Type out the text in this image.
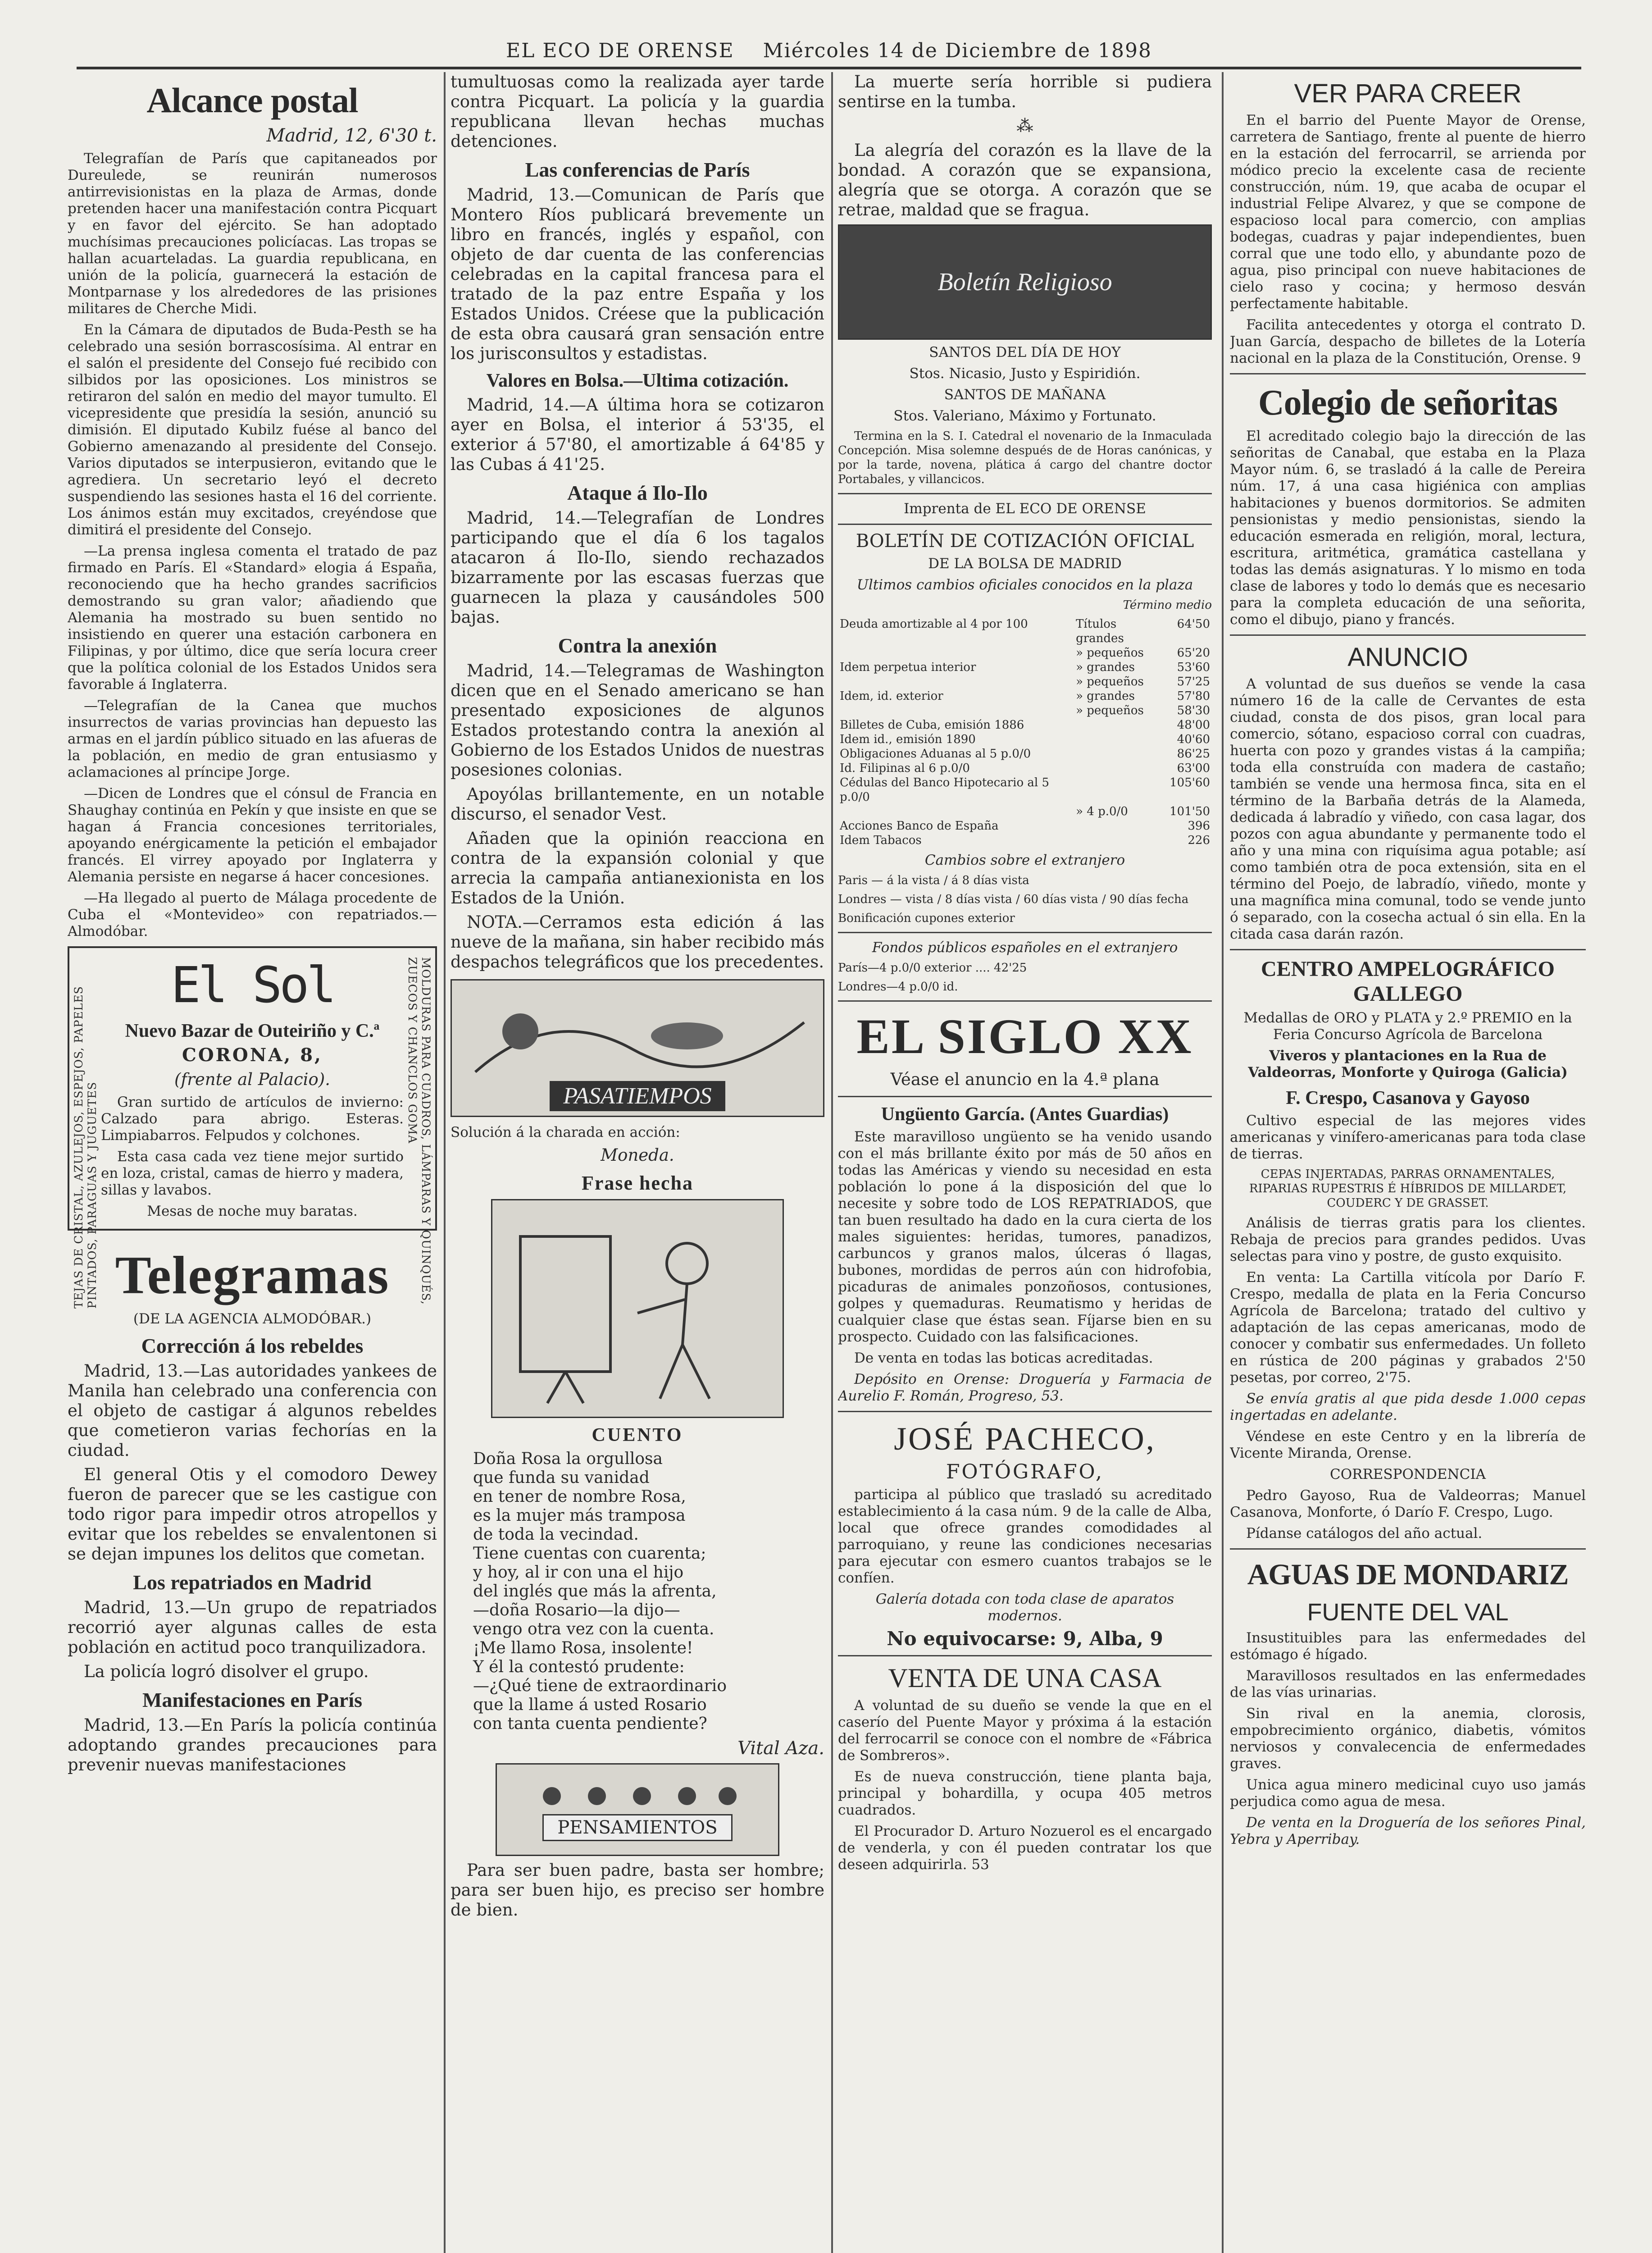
EL ECO DE ORENSE Miércoles 14 de Diciembre de 1898
Alcance postal
Madrid, 12, 6'30 t.

Telegrafían de París que capitaneados por Dureulede, se reunirán numerosos antirrevisionistas en la plaza de Armas, donde pretenden hacer una manifestación contra Picquart y en favor del ejército. Se han adoptado muchísimas precauciones policíacas. Las tropas se hallan acuarteladas. La guardia republicana, en unión de la policía, guarnecerá la estación de Montparnase y los alrededores de las prisiones militares de Cherche Midi.

En la Cámara de diputados de Buda-Pesth se ha celebrado una sesión borrascosísima. Al entrar en el salón el presidente del Consejo fué recibido con silbidos por las oposiciones. Los ministros se retiraron del salón en medio del mayor tumulto. El vicepresidente que presidía la sesión, anunció su dimisión. El diputado Kubilz fuése al banco del Gobierno amenazando al presidente del Consejo. Varios diputados se interpusieron, evitando que le agrediera. Un secretario leyó el decreto suspendiendo las sesiones hasta el 16 del corriente. Los ánimos están muy excitados, creyéndose que dimitirá el presidente del Consejo.

—La prensa inglesa comenta el tratado de paz firmado en París. El «Standard» elogia á España, reconociendo que ha hecho grandes sacrificios demostrando su gran valor; añadiendo que Alemania ha mostrado su buen sentido no insistiendo en querer una estación carbonera en Filipinas, y por último, dice que sería locura creer que la política colonial de los Estados Unidos sera favorable á Inglaterra.

—Telegrafían de la Canea que muchos insurrectos de varias provincias han depuesto las armas en el jardín público situado en las afueras de la población, en medio de gran entusiasmo y aclamaciones al príncipe Jorge.

—Dicen de Londres que el cónsul de Francia en Shaughay continúa en Pekín y que insiste en que se hagan á Francia concesiones territoriales, apoyando enérgicamente la petición el embajador francés. El virrey apoyado por Inglaterra y Alemania persiste en negarse á hacer concesiones.

—Ha llegado al puerto de Málaga procedente de Cuba el «Montevideo» con repatriados.—Almodóbar.

TEJAS DE CRISTAL, AZULEJOS, ESPEJOS, PAPELES PINTADOS, PARAGUAS Y JUGUETES	MOLDURAS PARA CUADROS, LÁMPARAS Y QUINQUÉS, ZUECOS Y CHANCLOS GOMA
El Sol
Nuevo Bazar de Outeiriño y C.ª

CORONA, 8,

(frente al Palacio).

Gran surtido de artículos de invierno: Calzado para abrigo. Esteras. Limpiabarros. Felpudos y colchones.

Esta casa cada vez tiene mejor surtido en loza, cristal, camas de hierro y madera, sillas y lavabos.

Mesas de noche muy baratas.

Telegramas

(DE LA AGENCIA ALMODÓBAR.)

Corrección á los rebeldes

Madrid, 13.—Las autoridades yankees de Manila han celebrado una conferencia con el objeto de castigar á algunos rebeldes que cometieron varias fechorías en la ciudad.

El general Otis y el comodoro Dewey fueron de parecer que se les castigue con todo rigor para impedir otros atropellos y evitar que los rebeldes se envalentonen si se dejan impunes los delitos que cometan.

Los repatriados en Madrid

Madrid, 13.—Un grupo de repatriados recorrió ayer algunas calles de esta población en actitud poco tranquilizadora.

La policía logró disolver el grupo.

Manifestaciones en París

Madrid, 13.—En París la policía continúa adoptando grandes precauciones para prevenir nuevas manifestaciones

tumultuosas como la realizada ayer tarde contra Picquart. La policía y la guardia republicana llevan hechas muchas detenciones.

Las conferencias de París

Madrid, 13.—Comunican de París que Montero Ríos publicará brevemente un libro en francés, inglés y español, con objeto de dar cuenta de las conferencias celebradas en la capital francesa para el tratado de la paz entre España y los Estados Unidos. Créese que la publicación de esta obra causará gran sensación entre los jurisconsultos y estadistas.

Valores en Bolsa.—Ultima cotización.

Madrid, 14.—A última hora se cotizaron ayer en Bolsa, el interior á 53'35, el exterior á 57'80, el amortizable á 64'85 y las Cubas á 41'25.

Ataque á Ilo-Ilo

Madrid, 14.—Telegrafían de Londres participando que el día 6 los tagalos atacaron á Ilo-Ilo, siendo rechazados bizarramente por las escasas fuerzas que guarnecen la plaza y causándoles 500 bajas.

Contra la anexión

Madrid, 14.—Telegramas de Washington dicen que en el Senado americano se han presentado exposiciones de algunos Estados protestando contra la anexión al Gobierno de los Estados Unidos de nuestras posesiones colonias.

Apoyólas brillantemente, en un notable discurso, el senador Vest.

Añaden que la opinión reacciona en contra de la expansión colonial y que arrecia la campaña antianexionista en los Estados de la Unión.

NOTA.—Cerramos esta edición á las nueve de la mañana, sin haber recibido más despachos telegráficos que los precedentes.

PASATIEMPOS

Solución á la charada en acción:

Moneda.

Frase hecha
CUENTO
Doña Rosa la orgullosa
que funda su vanidad
en tener de nombre Rosa,
es la mujer más tramposa
de toda la vecindad.
Tiene cuentas con cuarenta;
y hoy, al ir con una el hijo
del inglés que más la afrenta,
—doña Rosario—la dijo—
vengo otra vez con la cuenta.
¡Me llamo Rosa, insolente!
Y él la contestó prudente:
—¿Qué tiene de extraordinario
que la llame á usted Rosario
con tanta cuenta pendiente?
Vital Aza.
PENSAMIENTOS

Para ser buen padre, basta ser hombre; para ser buen hijo, es preciso ser hombre de bien.

La muerte sería horrible si pudiera sentirse en la tumba.

⁂

La alegría del corazón es la llave de la bondad. A corazón que se expansiona, alegría que se otorga. A corazón que se retrae, maldad que se fragua.

Boletín Religioso

SANTOS DEL DÍA DE HOY

Stos. Nicasio, Justo y Espiridión.

SANTOS DE MAÑANA

Stos. Valeriano, Máximo y Fortunato.

Termina en la S. I. Catedral el novenario de la Inmaculada Concepción. Misa solemne después de de Horas canónicas, y por la tarde, novena, plática á cargo del chantre doctor Portabales, y villancicos.

Imprenta de EL ECO DE ORENSE

BOLETÍN DE COTIZACIÓN OFICIAL

DE LA BOLSA DE MADRID

Ultimos cambios oficiales conocidos en la plaza

Término medio

Deuda amortizable al 4 por 100	Títulos grandes	64'50
	» pequeños	65'20
Idem perpetua interior	» grandes	53'60
	» pequeños	57'25
Idem, id. exterior	» grandes	57'80
	» pequeños	58'30
Billetes de Cuba, emisión 1886		48'00
Idem id., emisión 1890		40'60
Obligaciones Aduanas al 5 p.0/0		86'25
Id. Filipinas al 6 p.0/0		63'00
Cédulas del Banco Hipotecario al 5 p.0/0		105'60
	» 4 p.0/0	101'50
Acciones Banco de España		396
Idem Tabacos		226

Cambios sobre el extranjero

Paris — á la vista / á 8 días vista

Londres — vista / 8 días vista / 60 días vista / 90 días fecha

Bonificación cupones exterior

Fondos públicos españoles en el extranjero

París—4 p.0/0 exterior .... 42'25

Londres—4 p.0/0 id.

EL SIGLO XX

Véase el anuncio en la 4.ª plana

Ungüento García. (Antes Guardias)

Este maravilloso ungüento se ha venido usando con el más brillante éxito por más de 50 años en todas las Américas y viendo su necesidad en esta población lo pone á la disposición del que lo necesite y sobre todo de LOS REPATRIADOS, que tan buen resultado ha dado en la cura cierta de los males siguientes: heridas, tumores, panadizos, carbuncos y granos malos, úlceras ó llagas, bubones, mordidas de perros aún con hidrofobia, picaduras de animales ponzoñosos, contusiones, golpes y quemaduras. Reumatismo y heridas de cualquier clase que éstas sean. Fíjarse bien en su prospecto. Cuidado con las falsificaciones.

De venta en todas las boticas acreditadas.

Depósito en Orense: Droguería y Farmacia de Aurelio F. Román, Progreso, 53.

JOSÉ PACHECO,

FOTÓGRAFO,

participa al público que trasladó su acreditado establecimiento á la casa núm. 9 de la calle de Alba, local que ofrece grandes comodidades al parroquiano, y reune las condiciones necesarias para ejecutar con esmero cuantos trabajos se le confíen.

Galería dotada con toda clase de aparatos modernos.

No equivocarse: 9, Alba, 9

VENTA DE UNA CASA

A voluntad de su dueño se vende la que en el caserío del Puente Mayor y próxima á la estación del ferrocarril se conoce con el nombre de «Fábrica de Sombreros».

Es de nueva construcción, tiene planta baja, principal y bohardilla, y ocupa 405 metros cuadrados.

El Procurador D. Arturo Nozuerol es el encargado de venderla, y con él pueden contratar los que deseen adquirirla. 53

VER PARA CREER

En el barrio del Puente Mayor de Orense, carretera de Santiago, frente al puente de hierro en la estación del ferrocarril, se arrienda por módico precio la excelente casa de reciente construcción, núm. 19, que acaba de ocupar el industrial Felipe Alvarez, y que se compone de espacioso local para comercio, con amplias bodegas, cuadras y pajar independientes, buen corral que une todo ello, y abundante pozo de agua, piso principal con nueve habitaciones de cielo raso y cocina; y hermoso desván perfectamente habitable.

Facilita antecedentes y otorga el contrato D. Juan García, despacho de billetes de la Lotería nacional en la plaza de la Constitución, Orense. 9

Colegio de señoritas

El acreditado colegio bajo la dirección de las señoritas de Canabal, que estaba en la Plaza Mayor núm. 6, se trasladó á la calle de Pereira núm. 17, á una casa higiénica con amplias habitaciones y buenos dormitorios. Se admiten pensionistas y medio pensionistas, siendo la educación esmerada en religión, moral, lectura, escritura, aritmética, gramática castellana y todas las demás asignaturas. Y lo mismo en toda clase de labores y todo lo demás que es necesario para la completa educación de una señorita, como el dibujo, piano y francés.

ANUNCIO

A voluntad de sus dueños se vende la casa número 16 de la calle de Cervantes de esta ciudad, consta de dos pisos, gran local para comercio, sótano, espacioso corral con cuadras, huerta con pozo y grandes vistas á la campiña; toda ella construída con madera de castaño; también se vende una hermosa finca, sita en el término de la Barbaña detrás de la Alameda, dedicada á labradío y viñedo, con casa lagar, dos pozos con agua abundante y permanente todo el año y una mina con riquísima agua potable; así como también otra de poca extensión, sita en el término del Poejo, de labradío, viñedo, monte y una magnífica mina comunal, todo se vende junto ó separado, con la cosecha actual ó sin ella. En la citada casa darán razón.

CENTRO AMPELOGRÁFICO GALLEGO

Medallas de ORO y PLATA y 2.º PREMIO en la Feria Concurso Agrícola de Barcelona

Viveros y plantaciones en la Rua de Valdeorras, Monforte y Quiroga (Galicia)

F. Crespo, Casanova y Gayoso

Cultivo especial de las mejores vides americanas y vinífero-americanas para toda clase de tierras.

CEPAS INJERTADAS, PARRAS ORNAMENTALES, RIPARIAS RUPESTRIS É HÍBRIDOS DE MILLARDET, COUDERC Y DE GRASSET.

Análisis de tierras gratis para los clientes. Rebaja de precios para grandes pedidos. Uvas selectas para vino y postre, de gusto exquisito.

En venta: La Cartilla vitícola por Darío F. Crespo, medalla de plata en la Feria Concurso Agrícola de Barcelona; tratado del cultivo y adaptación de las cepas americanas, modo de conocer y combatir sus enfermedades. Un folleto en rústica de 200 páginas y grabados 2'50 pesetas, por correo, 2'75.

Se envía gratis al que pida desde 1.000 cepas ingertadas en adelante.

Véndese en este Centro y en la librería de Vicente Miranda, Orense.

CORRESPONDENCIA

Pedro Gayoso, Rua de Valdeorras; Manuel Casanova, Monforte, ó Darío F. Crespo, Lugo.

Pídanse catálogos del año actual.

AGUAS DE MONDARIZ
FUENTE DEL VAL

Insustituibles para las enfermedades del estómago é hígado.

Maravillosos resultados en las enfermedades de las vías urinarias.

Sin rival en la anemia, clorosis, empobrecimiento orgánico, diabetis, vómitos nerviosos y convalecencia de enfermedades graves.

Unica agua minero medicinal cuyo uso jamás perjudica como agua de mesa.

De venta en la Droguería de los señores Pinal, Yebra y Aperribay.
